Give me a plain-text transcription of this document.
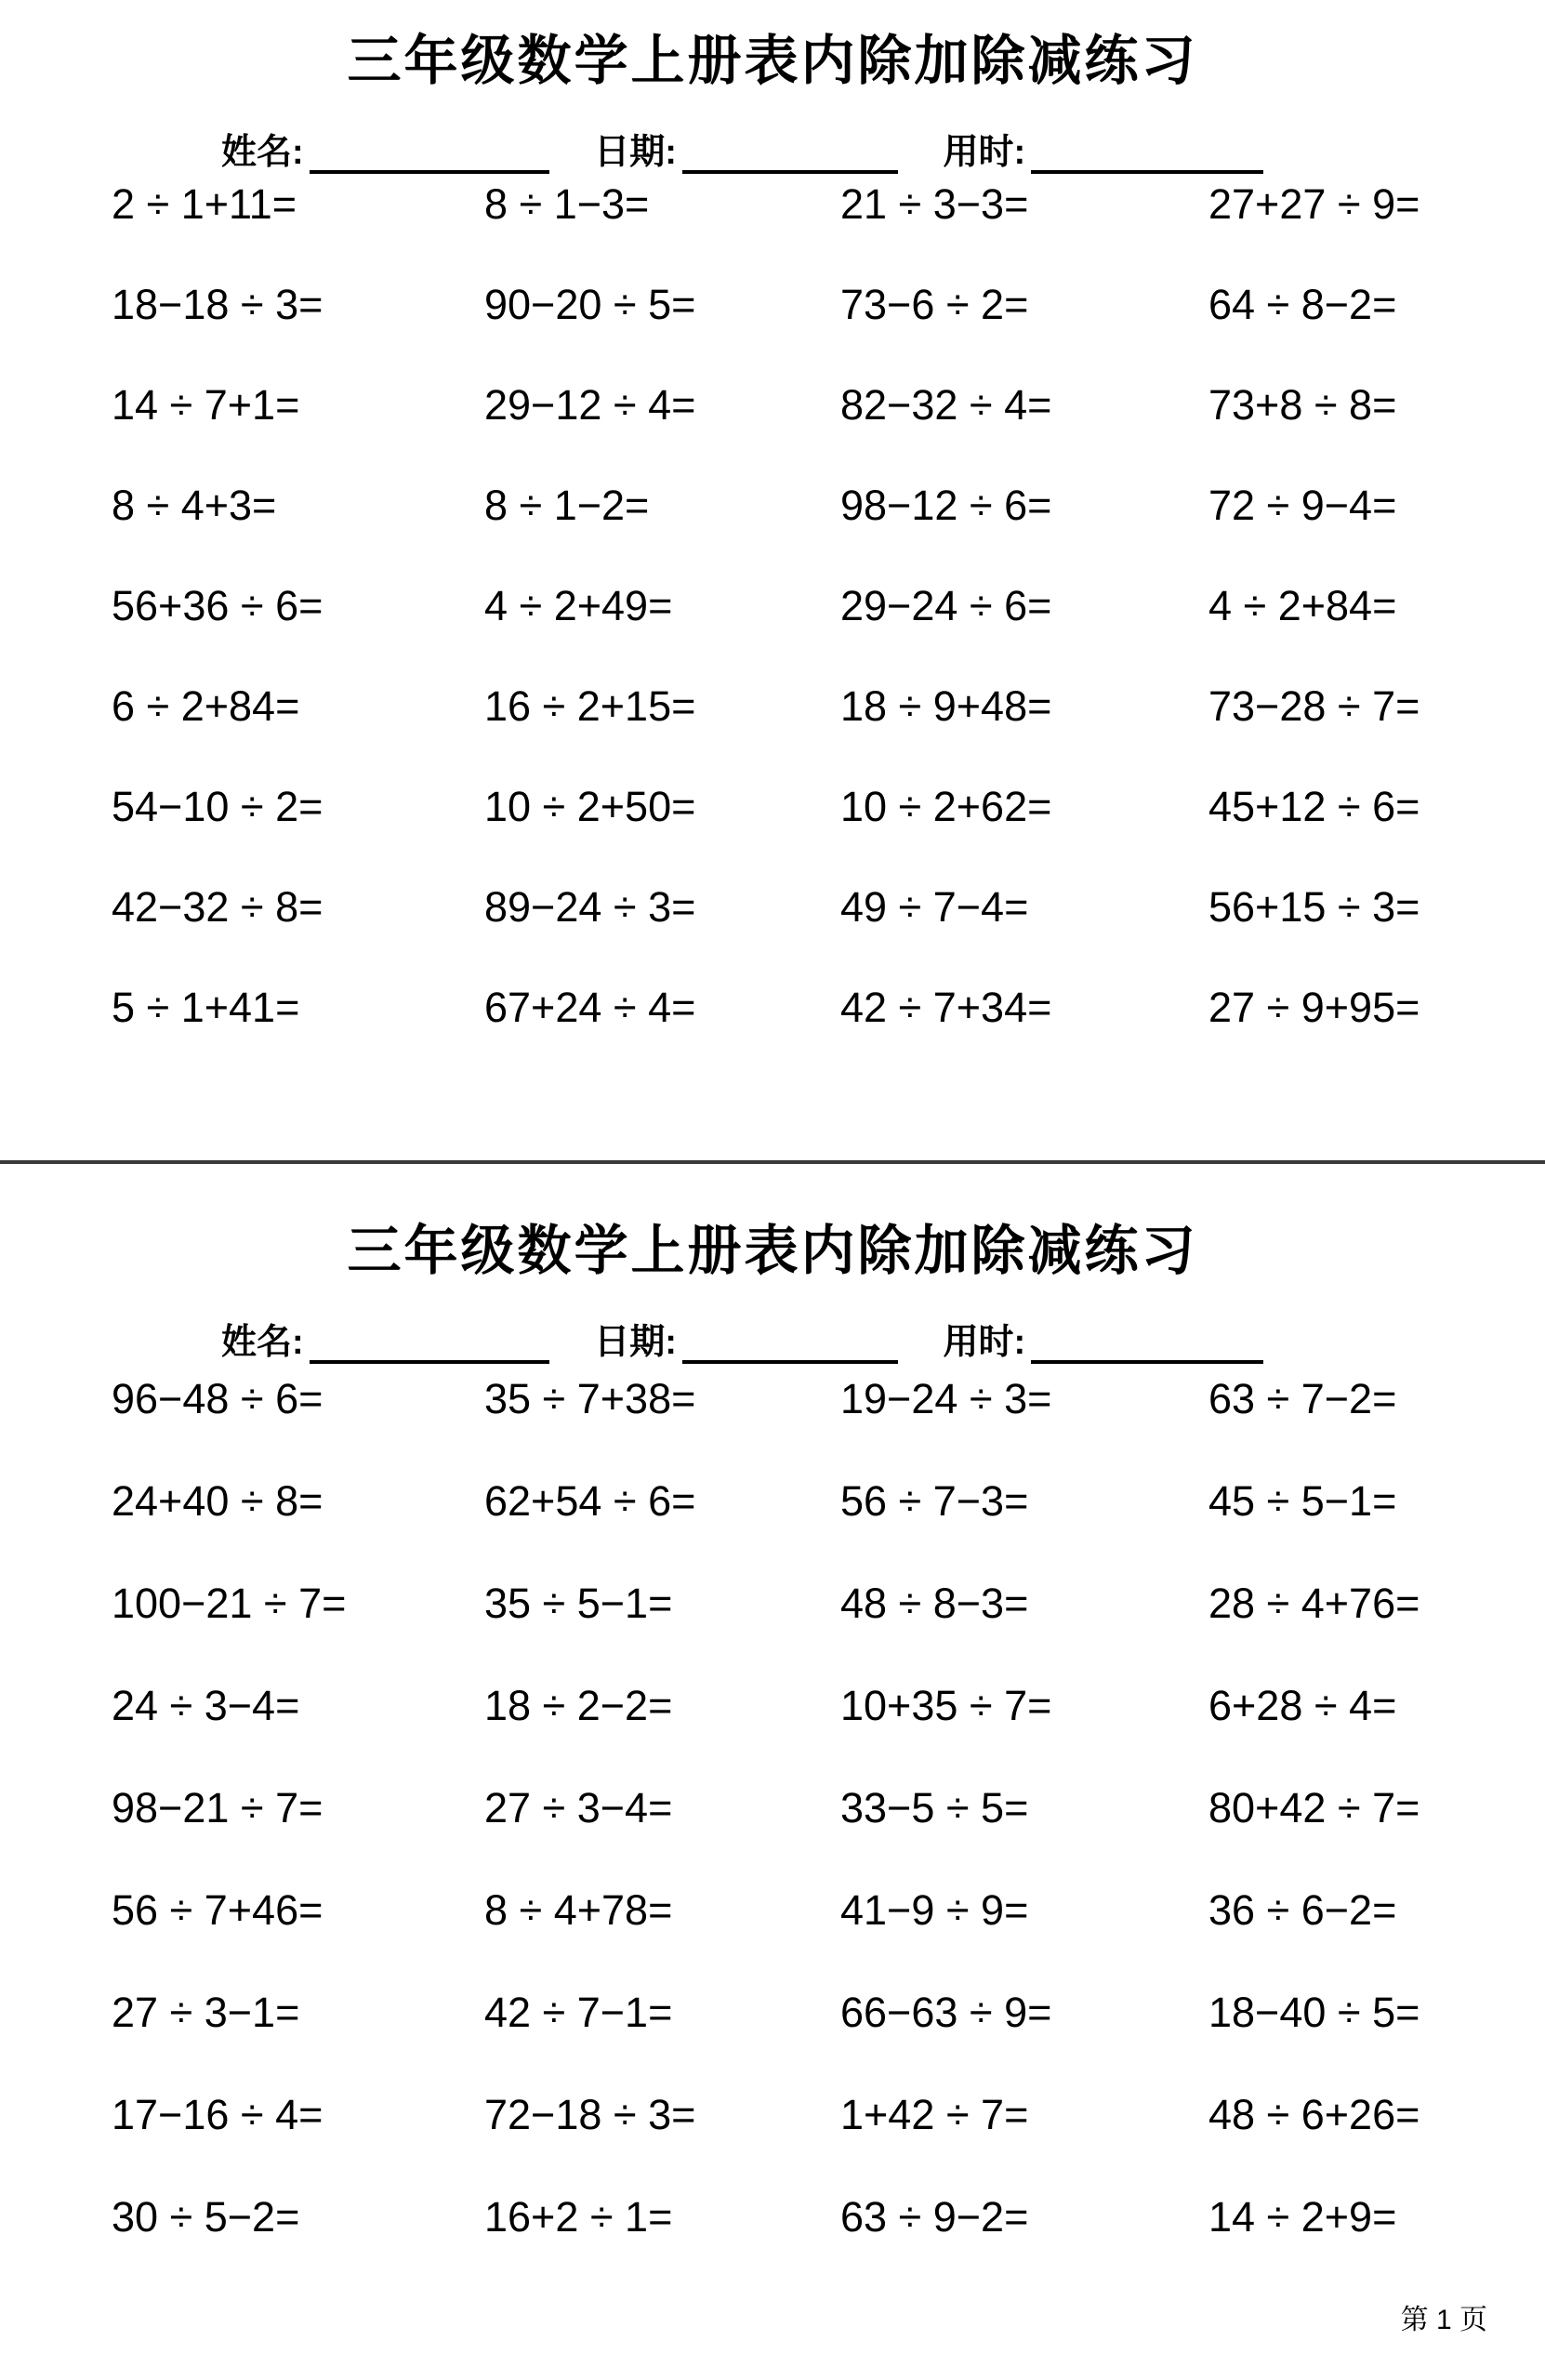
三年级数学上册表内除加除减练习
姓名:	日期:	用时:
2 ÷ 1+11=	8 ÷ 1−3=	21 ÷ 3−3=	27+27 ÷ 9=
18−18 ÷ 3=	90−20 ÷ 5=	73−6 ÷ 2=	64 ÷ 8−2=
14 ÷ 7+1=	29−12 ÷ 4=	82−32 ÷ 4=	73+8 ÷ 8=
8 ÷ 4+3=	8 ÷ 1−2=	98−12 ÷ 6=	72 ÷ 9−4=
56+36 ÷ 6=	4 ÷ 2+49=	29−24 ÷ 6=	4 ÷ 2+84=
6 ÷ 2+84=	16 ÷ 2+15=	18 ÷ 9+48=	73−28 ÷ 7=
54−10 ÷ 2=	10 ÷ 2+50=	10 ÷ 2+62=	45+12 ÷ 6=
42−32 ÷ 8=	89−24 ÷ 3=	49 ÷ 7−4=	56+15 ÷ 3=
5 ÷ 1+41=	67+24 ÷ 4=	42 ÷ 7+34=	27 ÷ 9+95=
三年级数学上册表内除加除减练习
姓名:	日期:	用时:
96−48 ÷ 6=	35 ÷ 7+38=	19−24 ÷ 3=	63 ÷ 7−2=
24+40 ÷ 8=	62+54 ÷ 6=	56 ÷ 7−3=	45 ÷ 5−1=
100−21 ÷ 7=	35 ÷ 5−1=	48 ÷ 8−3=	28 ÷ 4+76=
24 ÷ 3−4=	18 ÷ 2−2=	10+35 ÷ 7=	6+28 ÷ 4=
98−21 ÷ 7=	27 ÷ 3−4=	33−5 ÷ 5=	80+42 ÷ 7=
56 ÷ 7+46=	8 ÷ 4+78=	41−9 ÷ 9=	36 ÷ 6−2=
27 ÷ 3−1=	42 ÷ 7−1=	66−63 ÷ 9=	18−40 ÷ 5=
17−16 ÷ 4=	72−18 ÷ 3=	1+42 ÷ 7=	48 ÷ 6+26=
30 ÷ 5−2=	16+2 ÷ 1=	63 ÷ 9−2=	14 ÷ 2+9=
第 1 页
